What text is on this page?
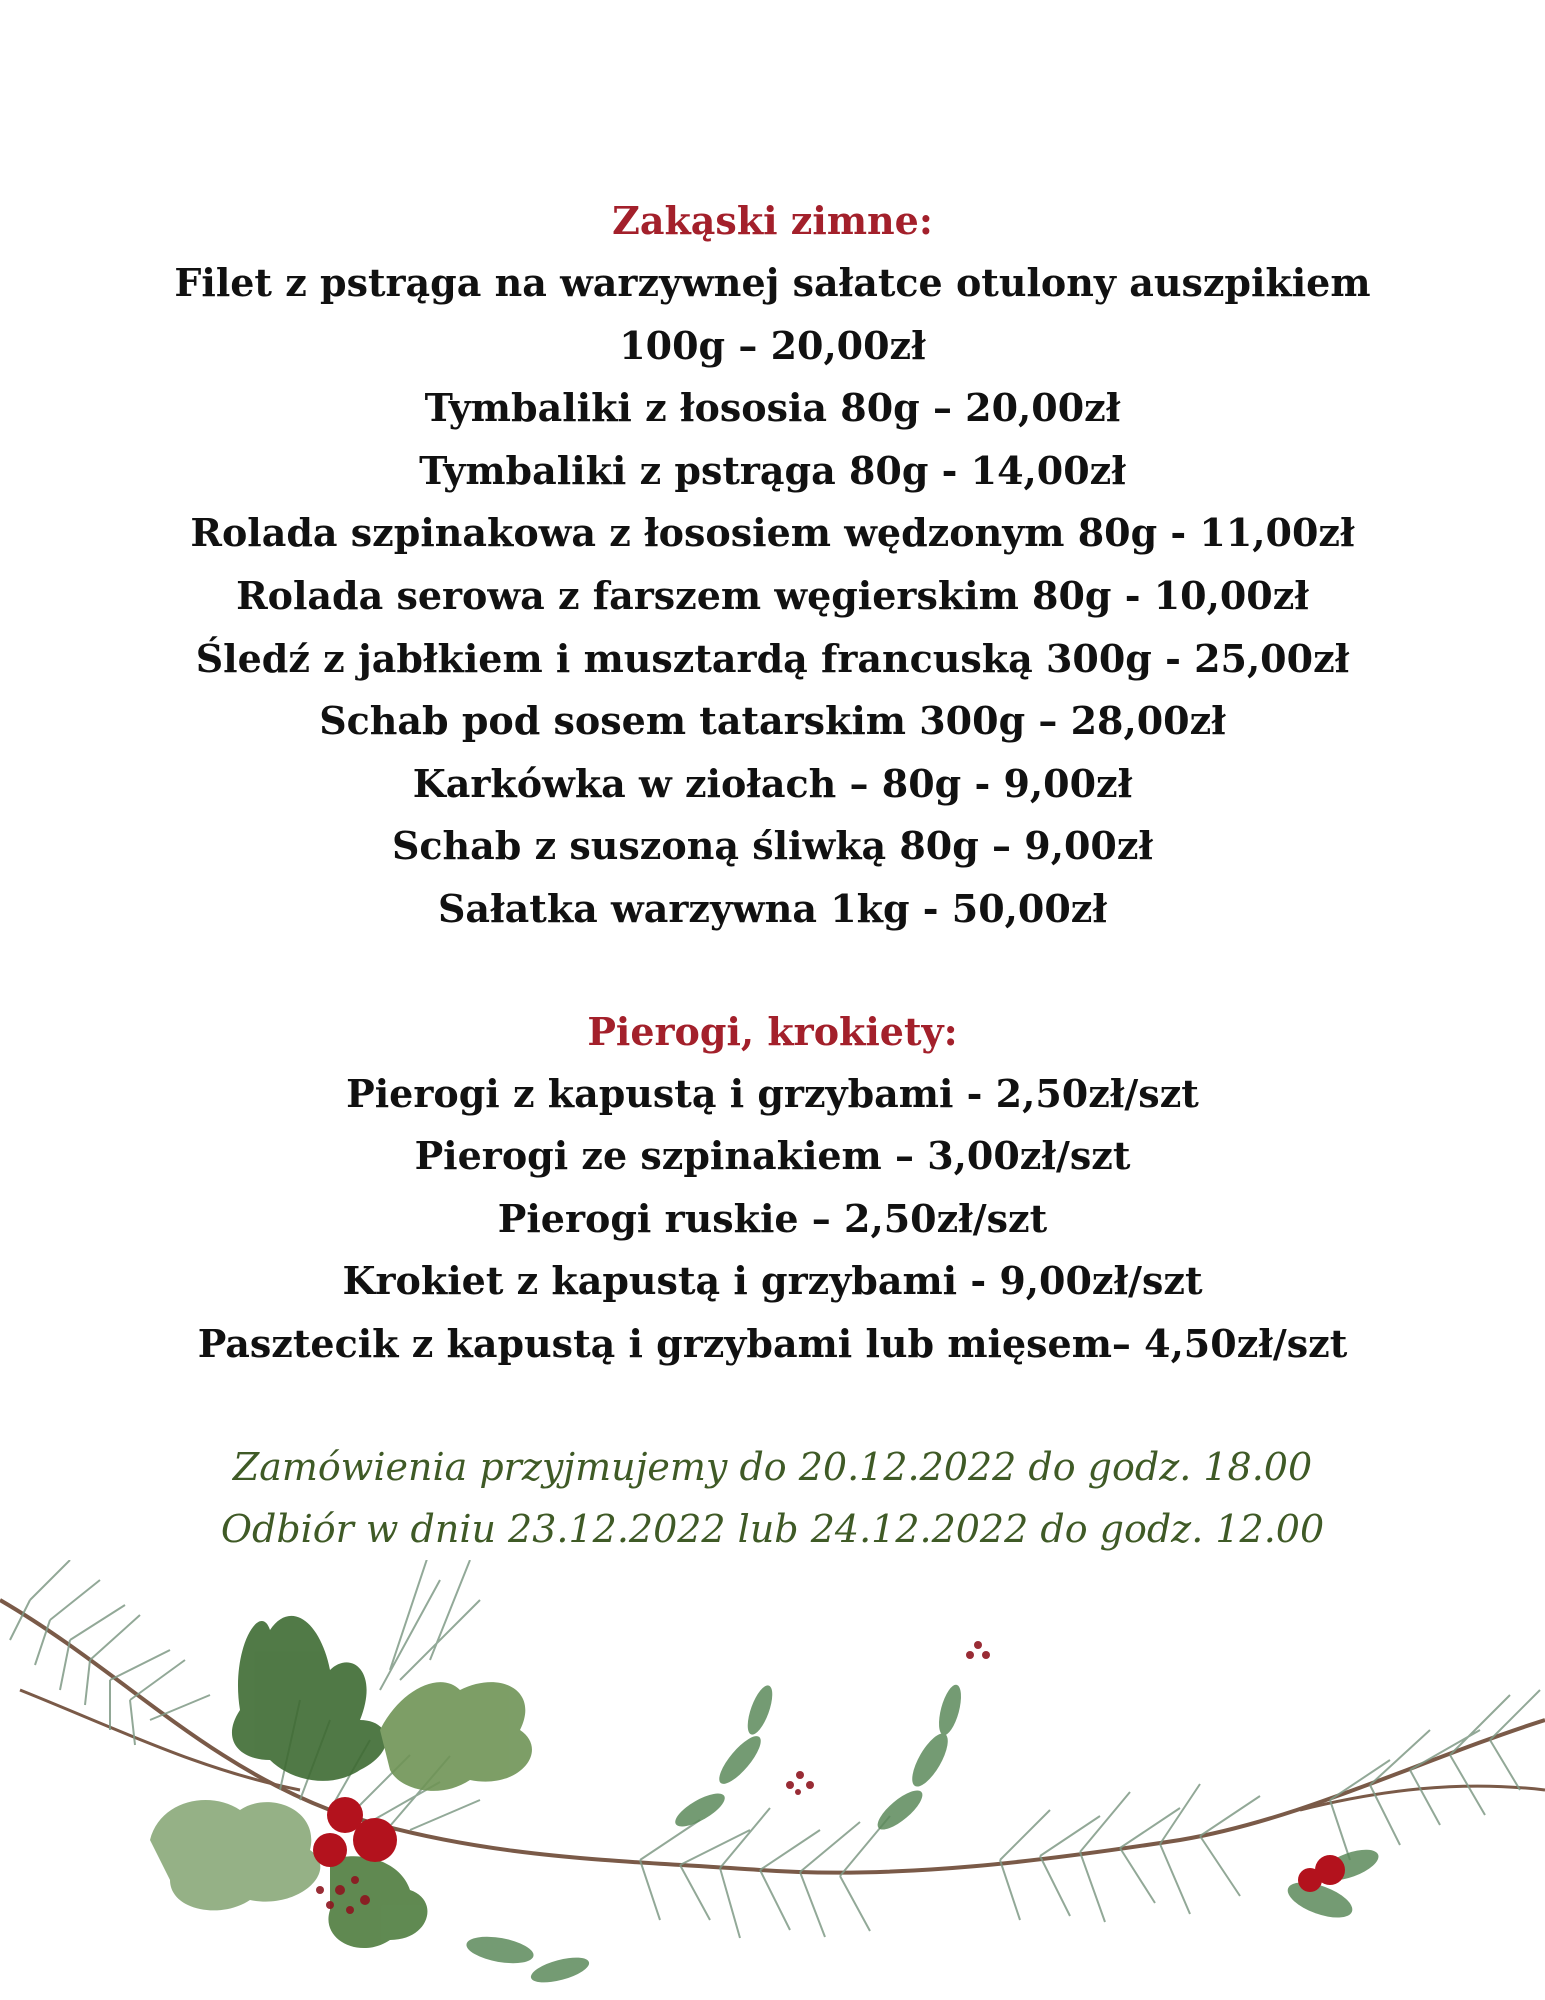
Zakąski zimne:

Filet z pstrąga na warzywnej sałatce otulony auszpikiem

100g – 20,00zł

Tymbaliki z łososia 80g – 20,00zł

Tymbaliki z pstrąga 80g - 14,00zł

Rolada szpinakowa z łososiem wędzonym 80g - 11,00zł

Rolada serowa z farszem węgierskim 80g - 10,00zł

Śledź z jabłkiem i musztardą francuską 300g - 25,00zł

Schab pod sosem tatarskim 300g – 28,00zł

Karkówka w ziołach – 80g - 9,00zł

Schab z suszoną śliwką 80g – 9,00zł

Sałatka warzywna 1kg - 50,00zł

Pierogi, krokiety:

Pierogi z kapustą i grzybami - 2,50zł/szt

Pierogi ze szpinakiem – 3,00zł/szt

Pierogi ruskie – 2,50zł/szt

Krokiet z kapustą i grzybami - 9,00zł/szt

Pasztecik z kapustą i grzybami lub mięsem– 4,50zł/szt

Zamówienia przyjmujemy do 20.12.2022 do godz. 18.00

Odbiór w dniu 23.12.2022 lub 24.12.2022 do godz. 12.00
